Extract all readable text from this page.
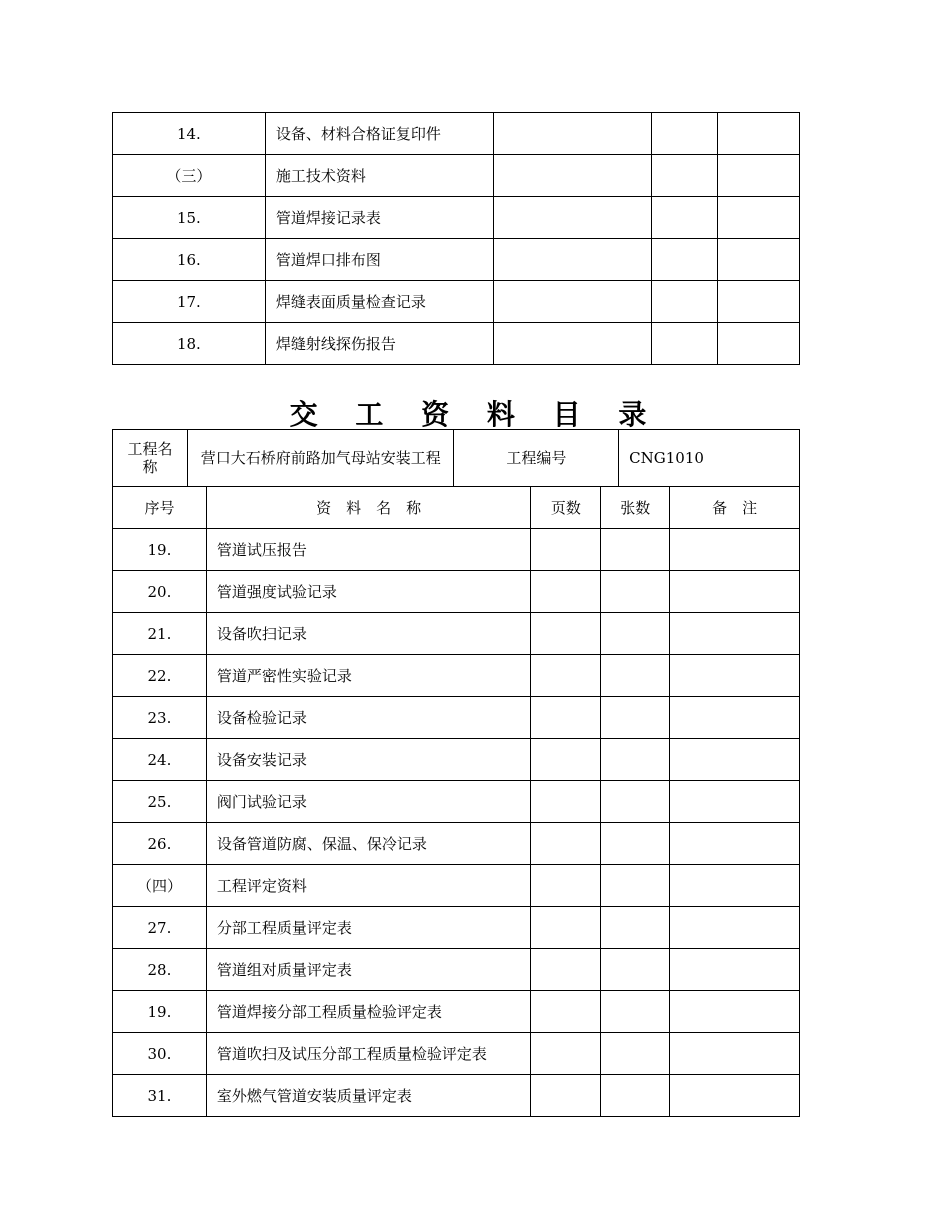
14.	设备、材料合格证复印件			
（三）	施工技术资料			
15.	管道焊接记录表			
16.	管道焊口排布图			
17.	焊缝表面质量检查记录			
18.	焊缝射线探伤报告			
交 工 资 料 目 录
工程名称	营口大石桥府前路加气母站安装工程	工程编号	CNG1010
序号	资　料　名　称	页数	张数	备　注
19.	管道试压报告			
20.	管道强度试验记录			
21.	设备吹扫记录			
22.	管道严密性实验记录			
23.	设备检验记录			
24.	设备安装记录			
25.	阀门试验记录			
26.	设备管道防腐、保温、保冷记录			
（四）	工程评定资料			
27.	分部工程质量评定表			
28.	管道组对质量评定表			
19.	管道焊接分部工程质量检验评定表			
30.	管道吹扫及试压分部工程质量检验评定表			
31.	室外燃气管道安装质量评定表			
